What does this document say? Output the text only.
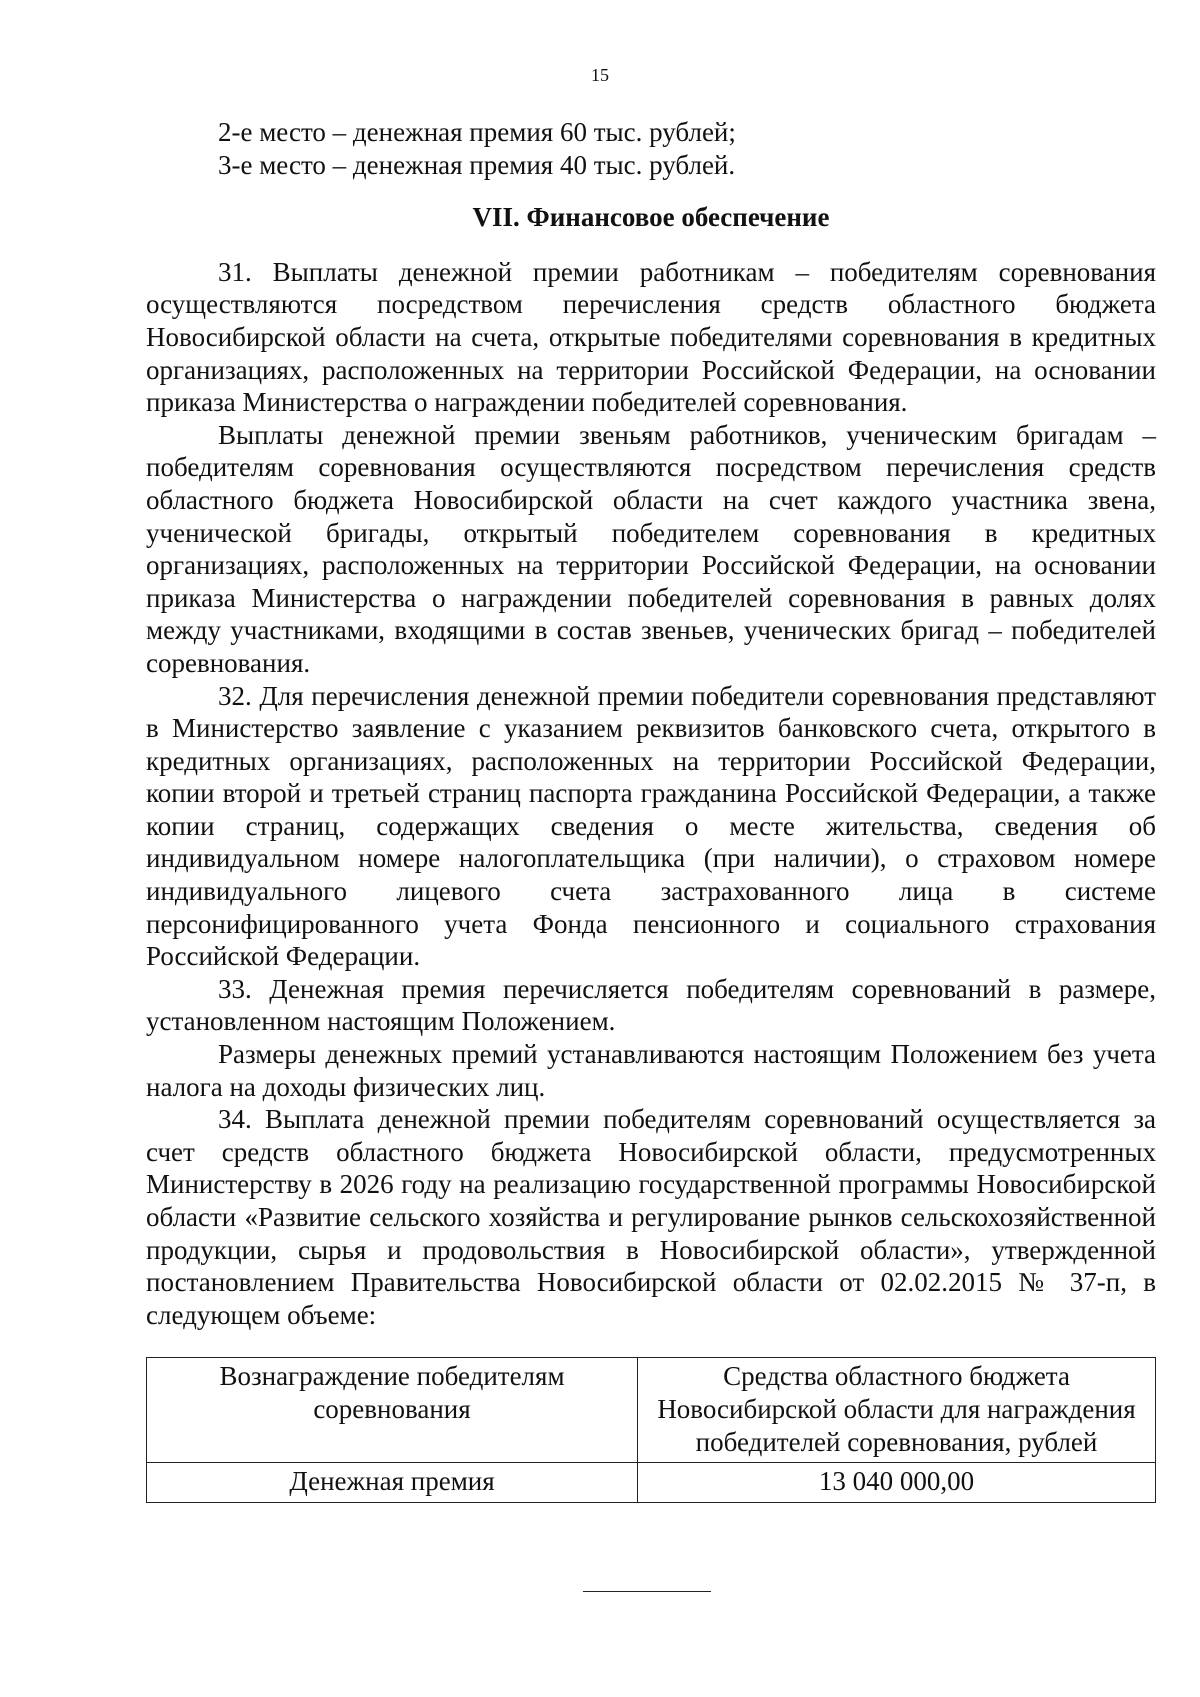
15

2-е место – денежная премия 60 тыс. рублей;

3-е место – денежная премия 40 тыс. рублей.

VII. Финансовое обеспечение

31. Выплаты денежной премии работникам – победителям соревнования осуществляются посредством перечисления средств областного бюджета Новосибирской области на счета, открытые победителями соревнования в кредитных организациях, расположенных на территории Российской Федерации, на основании приказа Министерства о награждении победителей соревнования.

Выплаты денежной премии звеньям работников, ученическим бригадам – победителям соревнования осуществляются посредством перечисления средств областного бюджета Новосибирской области на счет каждого участника звена, ученической бригады, открытый победителем соревнования в кредитных организациях, расположенных на территории Российской Федерации, на основании приказа Министерства о награждении победителей соревнования в равных долях между участниками, входящими в состав звеньев, ученических бригад – победителей соревнования.

32. Для перечисления денежной премии победители соревнования представляют в Министерство заявление с указанием реквизитов банковского счета, открытого в кредитных организациях, расположенных на территории Российской Федерации, копии второй и третьей страниц паспорта гражданина Российской Федерации, а также копии страниц, содержащих сведения о месте жительства, сведения об индивидуальном номере налогоплательщика (при наличии), о страховом номере индивидуального лицевого счета застрахованного лица в системе персонифицированного учета Фонда пенсионного и социального страхования Российской Федерации.

33. Денежная премия перечисляется победителям соревнований в размере, установленном настоящим Положением.

Размеры денежных премий устанавливаются настоящим Положением без учета налога на доходы физических лиц.

34. Выплата денежной премии победителям соревнований осуществляется за счет средств областного бюджета Новосибирской области, предусмотренных Министерству в 2026 году на реализацию государственной программы Новосибирской области «Развитие сельского хозяйства и регулирование рынков сельскохозяйственной продукции, сырья и продовольствия в Новосибирской области», утвержденной постановлением Правительства Новосибирской области от 02.02.2015 № 37-п, в следующем объеме:

Вознаграждение победителям соревнования	Средства областного бюджета Новосибирской области для награждения победителей соревнования, рублей
Денежная премия	13 040 000,00
